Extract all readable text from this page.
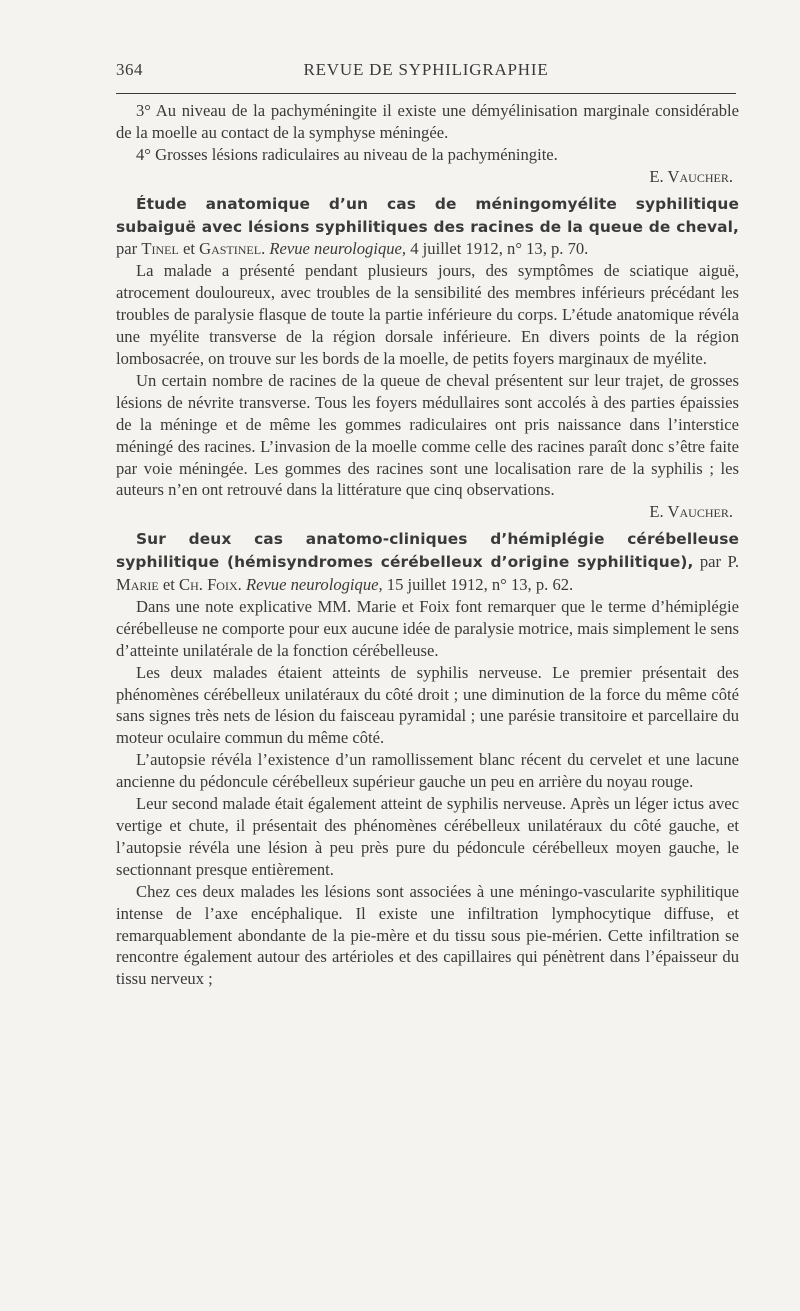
364	REVUE DE SYPHILIGRAPHIE

3° Au niveau de la pachyméningite il existe une démyélinisation marginale considérable de la moelle au contact de la symphyse méningée.

4° Grosses lésions radiculaires au niveau de la pachyméningite.

E. Vaucher.

Étude anatomique d’un cas de méningomyélite syphilitique subaiguë avec lésions syphilitiques des racines de la queue de cheval, par Tinel et Gastinel. Revue neurologique, 4 juillet 1912, n° 13, p. 70.

La malade a présenté pendant plusieurs jours, des symptômes de sciatique aiguë, atrocement douloureux, avec troubles de la sensibilité des membres inférieurs précédant les troubles de paralysie flasque de toute la partie inférieure du corps. L’étude anatomique révéla une myélite transverse de la région dorsale inférieure. En divers points de la région lombosacrée, on trouve sur les bords de la moelle, de petits foyers marginaux de myélite.

Un certain nombre de racines de la queue de cheval présentent sur leur trajet, de grosses lésions de névrite transverse. Tous les foyers médullaires sont accolés à des parties épaissies de la méninge et de même les gommes radiculaires ont pris naissance dans l’interstice méningé des racines. L’invasion de la moelle comme celle des racines paraît donc s’être faite par voie méningée. Les gommes des racines sont une localisation rare de la syphilis ; les auteurs n’en ont retrouvé dans la littérature que cinq observations.

E. Vaucher.

Sur deux cas anatomo-cliniques d’hémiplégie cérébelleuse syphilitique (hémisyndromes cérébelleux d’origine syphilitique), par P. Marie et Ch. Foix. Revue neurologique, 15 juillet 1912, n° 13, p. 62.

Dans une note explicative MM. Marie et Foix font remarquer que le terme d’hémiplégie cérébelleuse ne comporte pour eux aucune idée de paralysie motrice, mais simplement le sens d’atteinte unilatérale de la fonction cérébelleuse.

Les deux malades étaient atteints de syphilis nerveuse. Le premier présentait des phénomènes cérébelleux unilatéraux du côté droit ; une diminution de la force du même côté sans signes très nets de lésion du faisceau pyramidal ; une parésie transitoire et parcellaire du moteur oculaire commun du même côté.

L’autopsie révéla l’existence d’un ramollissement blanc récent du cervelet et une lacune ancienne du pédoncule cérébelleux supérieur gauche un peu en arrière du noyau rouge.

Leur second malade était également atteint de syphilis nerveuse. Après un léger ictus avec vertige et chute, il présentait des phénomènes cérébelleux unilatéraux du côté gauche, et l’autopsie révéla une lésion à peu près pure du pédoncule cérébelleux moyen gauche, le sectionnant presque entièrement.

Chez ces deux malades les lésions sont associées à une méningo-vascularite syphilitique intense de l’axe encéphalique. Il existe une infiltration lymphocytique diffuse, et remarquablement abondante de la pie-mère et du tissu sous pie-mérien. Cette infiltration se rencontre également autour des artérioles et des capillaires qui pénètrent dans l’épaisseur du tissu nerveux ;
